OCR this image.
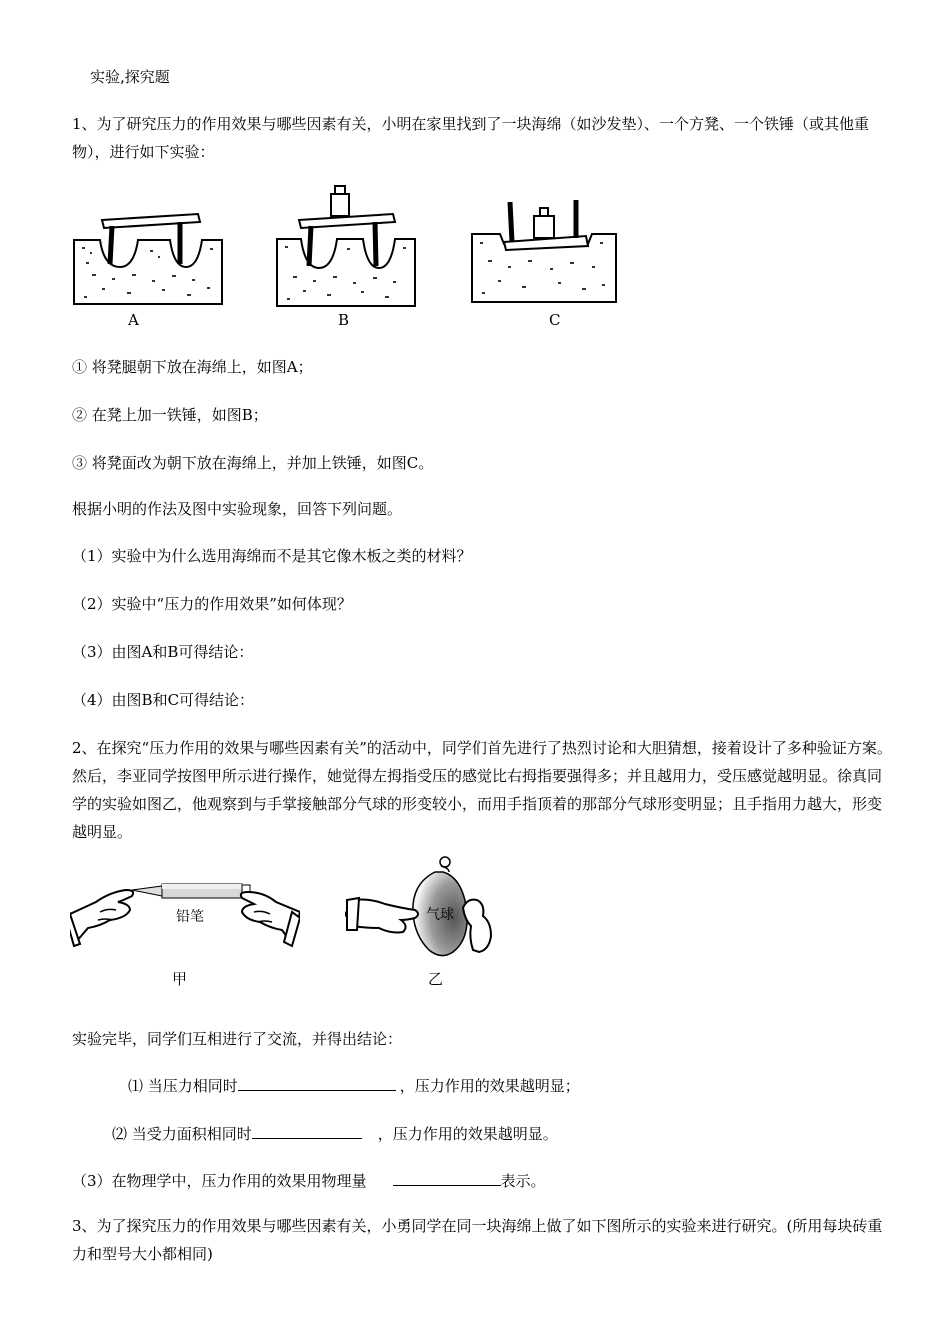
实验,探究题
1、为了研究压力的作用效果与哪些因素有关，小明在家里找到了一块海绵（如沙发垫）、一个方凳、一个铁锤（或其他重物），进行如下实验：
A	B	C
① 将凳腿朝下放在海绵上，如图A；
② 在凳上加一铁锤，如图B；
③ 将凳面改为朝下放在海绵上，并加上铁锤，如图C。
根据小明的作法及图中实验现象，回答下列问题。
（1）实验中为什么选用海绵而不是其它像木板之类的材料？
（2）实验中“压力的作用效果”如何体现？
（3）由图A和B可得结论：
（4）由图B和C可得结论：
2、在探究“压力作用的效果与哪些因素有关”的活动中，同学们首先进行了热烈讨论和大胆猜想，接着设计了多种验证方案。然后，李亚同学按图甲所示进行操作，她觉得左拇指受压的感觉比右拇指要强得多；并且越用力，受压感觉越明显。徐真同学的实验如图乙，他观察到与手掌接触部分气球的形变较小，而用手指顶着的那部分气球形变明显；且手指用力越大，形变越明显。
铅笔
甲
气球
乙
实验完毕，同学们互相进行了交流，并得出结论：
⑴ 当压力相同时	，压力作用的效果越明显；
⑵ 当受力面积相同时	，压力作用的效果越明显。
（3）在物理学中，压力作用的效果用物理量	表示。
3、为了探究压力的作用效果与哪些因素有关，小勇同学在同一块海绵上做了如下图所示的实验来进行研究。(所用每块砖重力和型号大小都相同)
